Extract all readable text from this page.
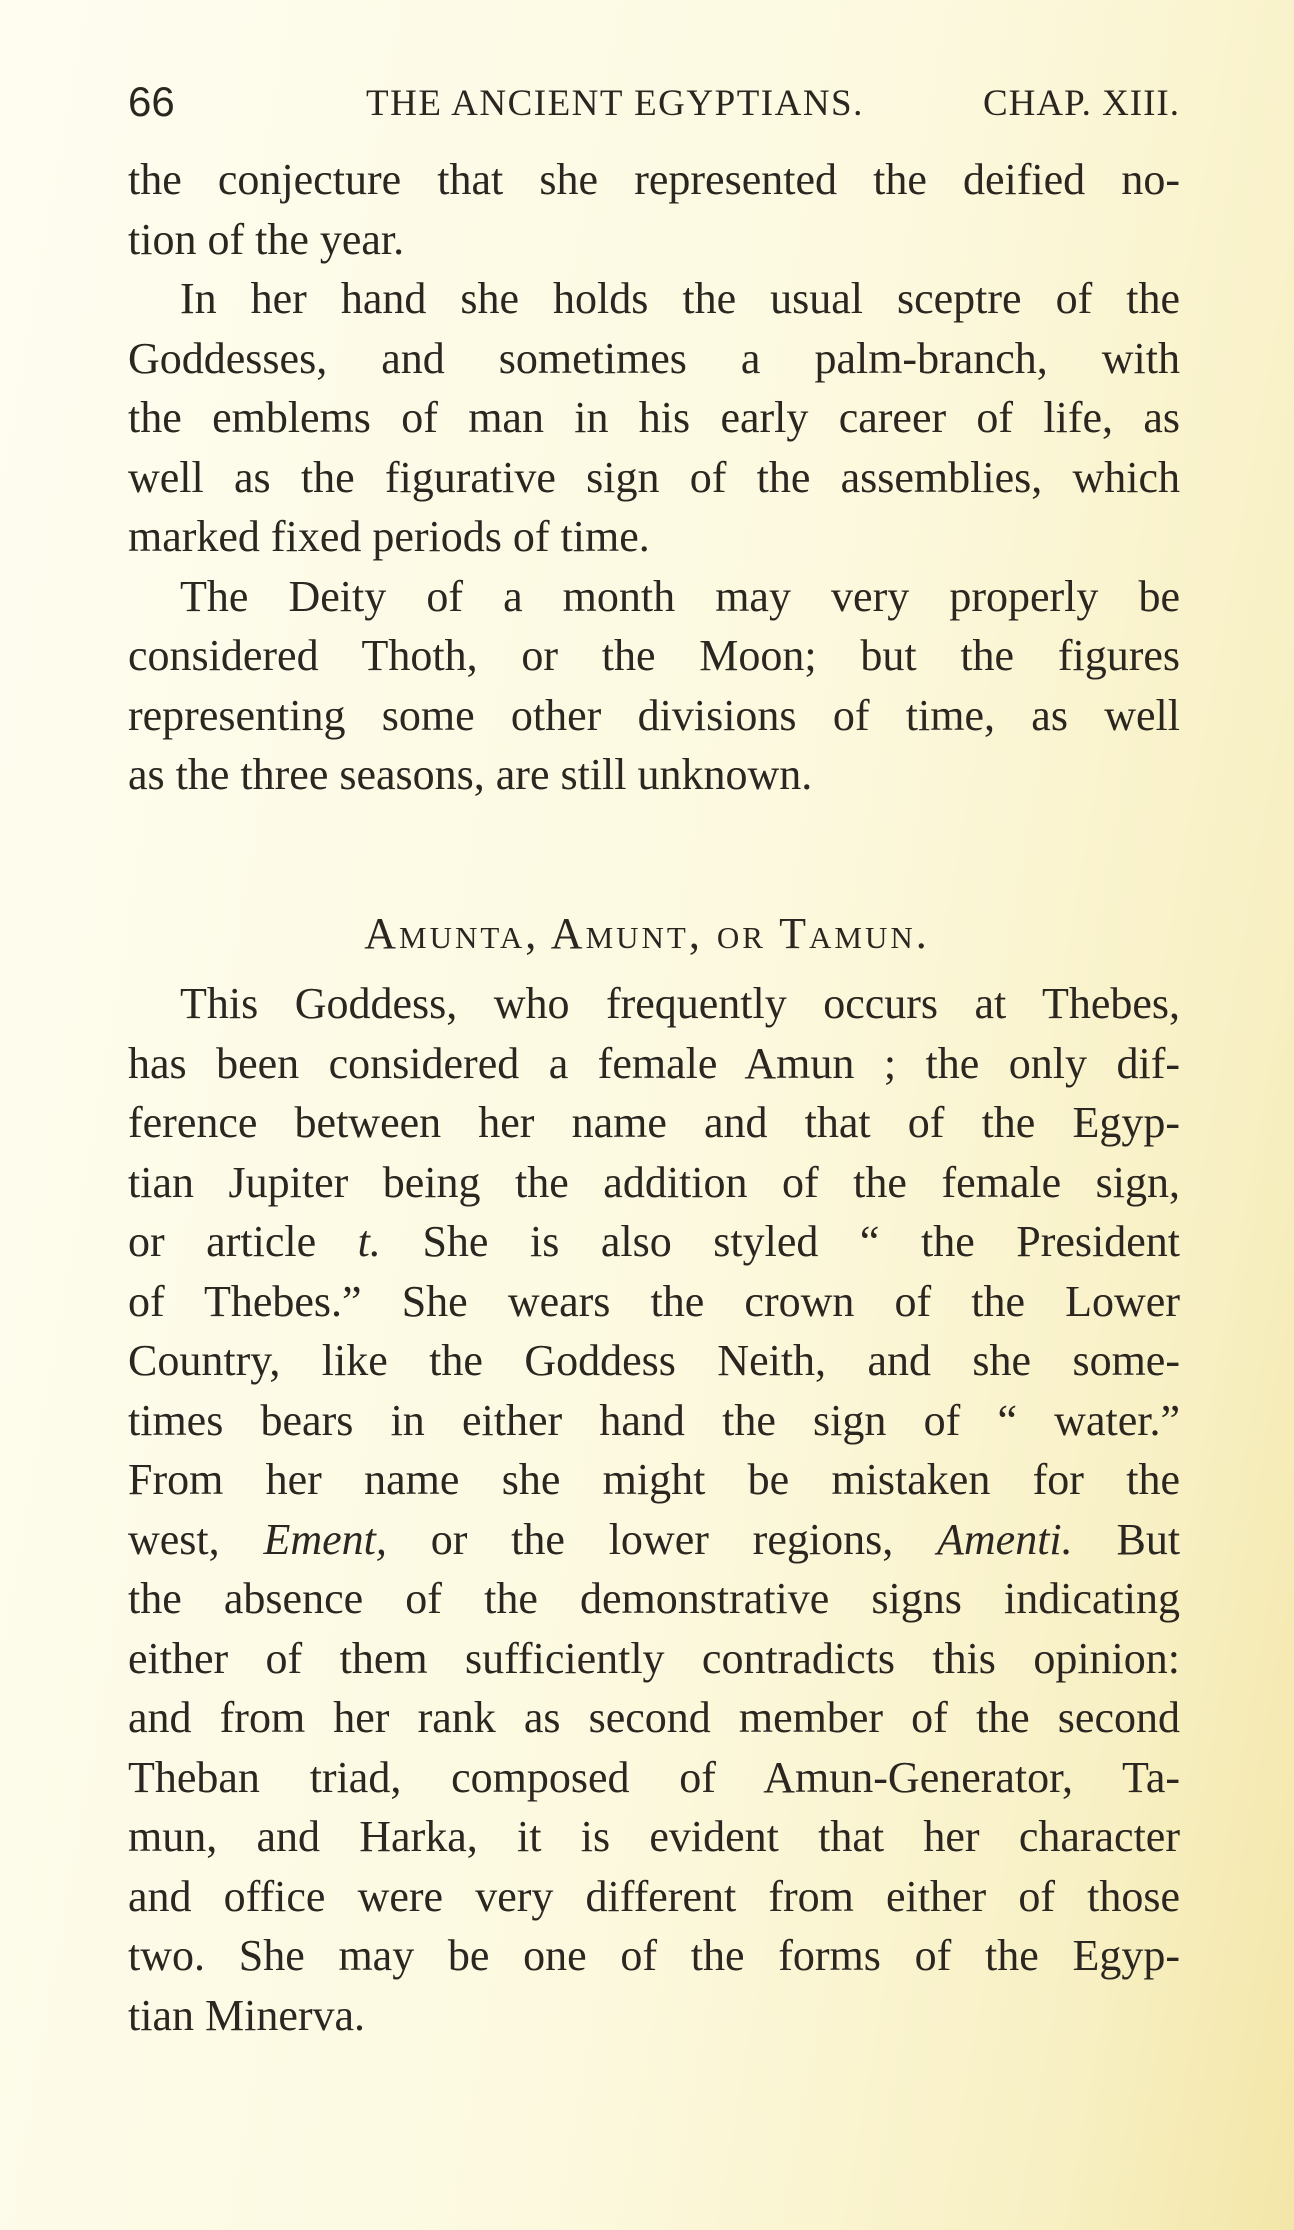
66	THE ANCIENT EGYPTIANS.	CHAP. XIII.
the conjecture that she represented the deified no-
tion of the year.
In her hand she holds the usual sceptre of the
Goddesses, and sometimes a palm-branch, with
the emblems of man in his early career of life, as
well as the figurative sign of the assemblies, which
marked fixed periods of time.
The Deity of a month may very properly be
considered Thoth, or the Moon; but the figures
representing some other divisions of time, as well
as the three seasons, are still unknown.
Amunta, Amunt, or Tamun.
This Goddess, who frequently occurs at Thebes,
has been considered a female Amun ; the only dif-
ference between her name and that of the Egyp-
tian Jupiter being the addition of the female sign,
or article t. She is also styled “ the President
of Thebes.” She wears the crown of the Lower
Country, like the Goddess Neith, and she some-
times bears in either hand the sign of “ water.”
From her name she might be mistaken for the
west, Ement, or the lower regions, Amenti. But
the absence of the demonstrative signs indicating
either of them sufficiently contradicts this opinion:
and from her rank as second member of the second
Theban triad, composed of Amun-Generator, Ta-
mun, and Harka, it is evident that her character
and office were very different from either of those
two. She may be one of the forms of the Egyp-
tian Minerva.
